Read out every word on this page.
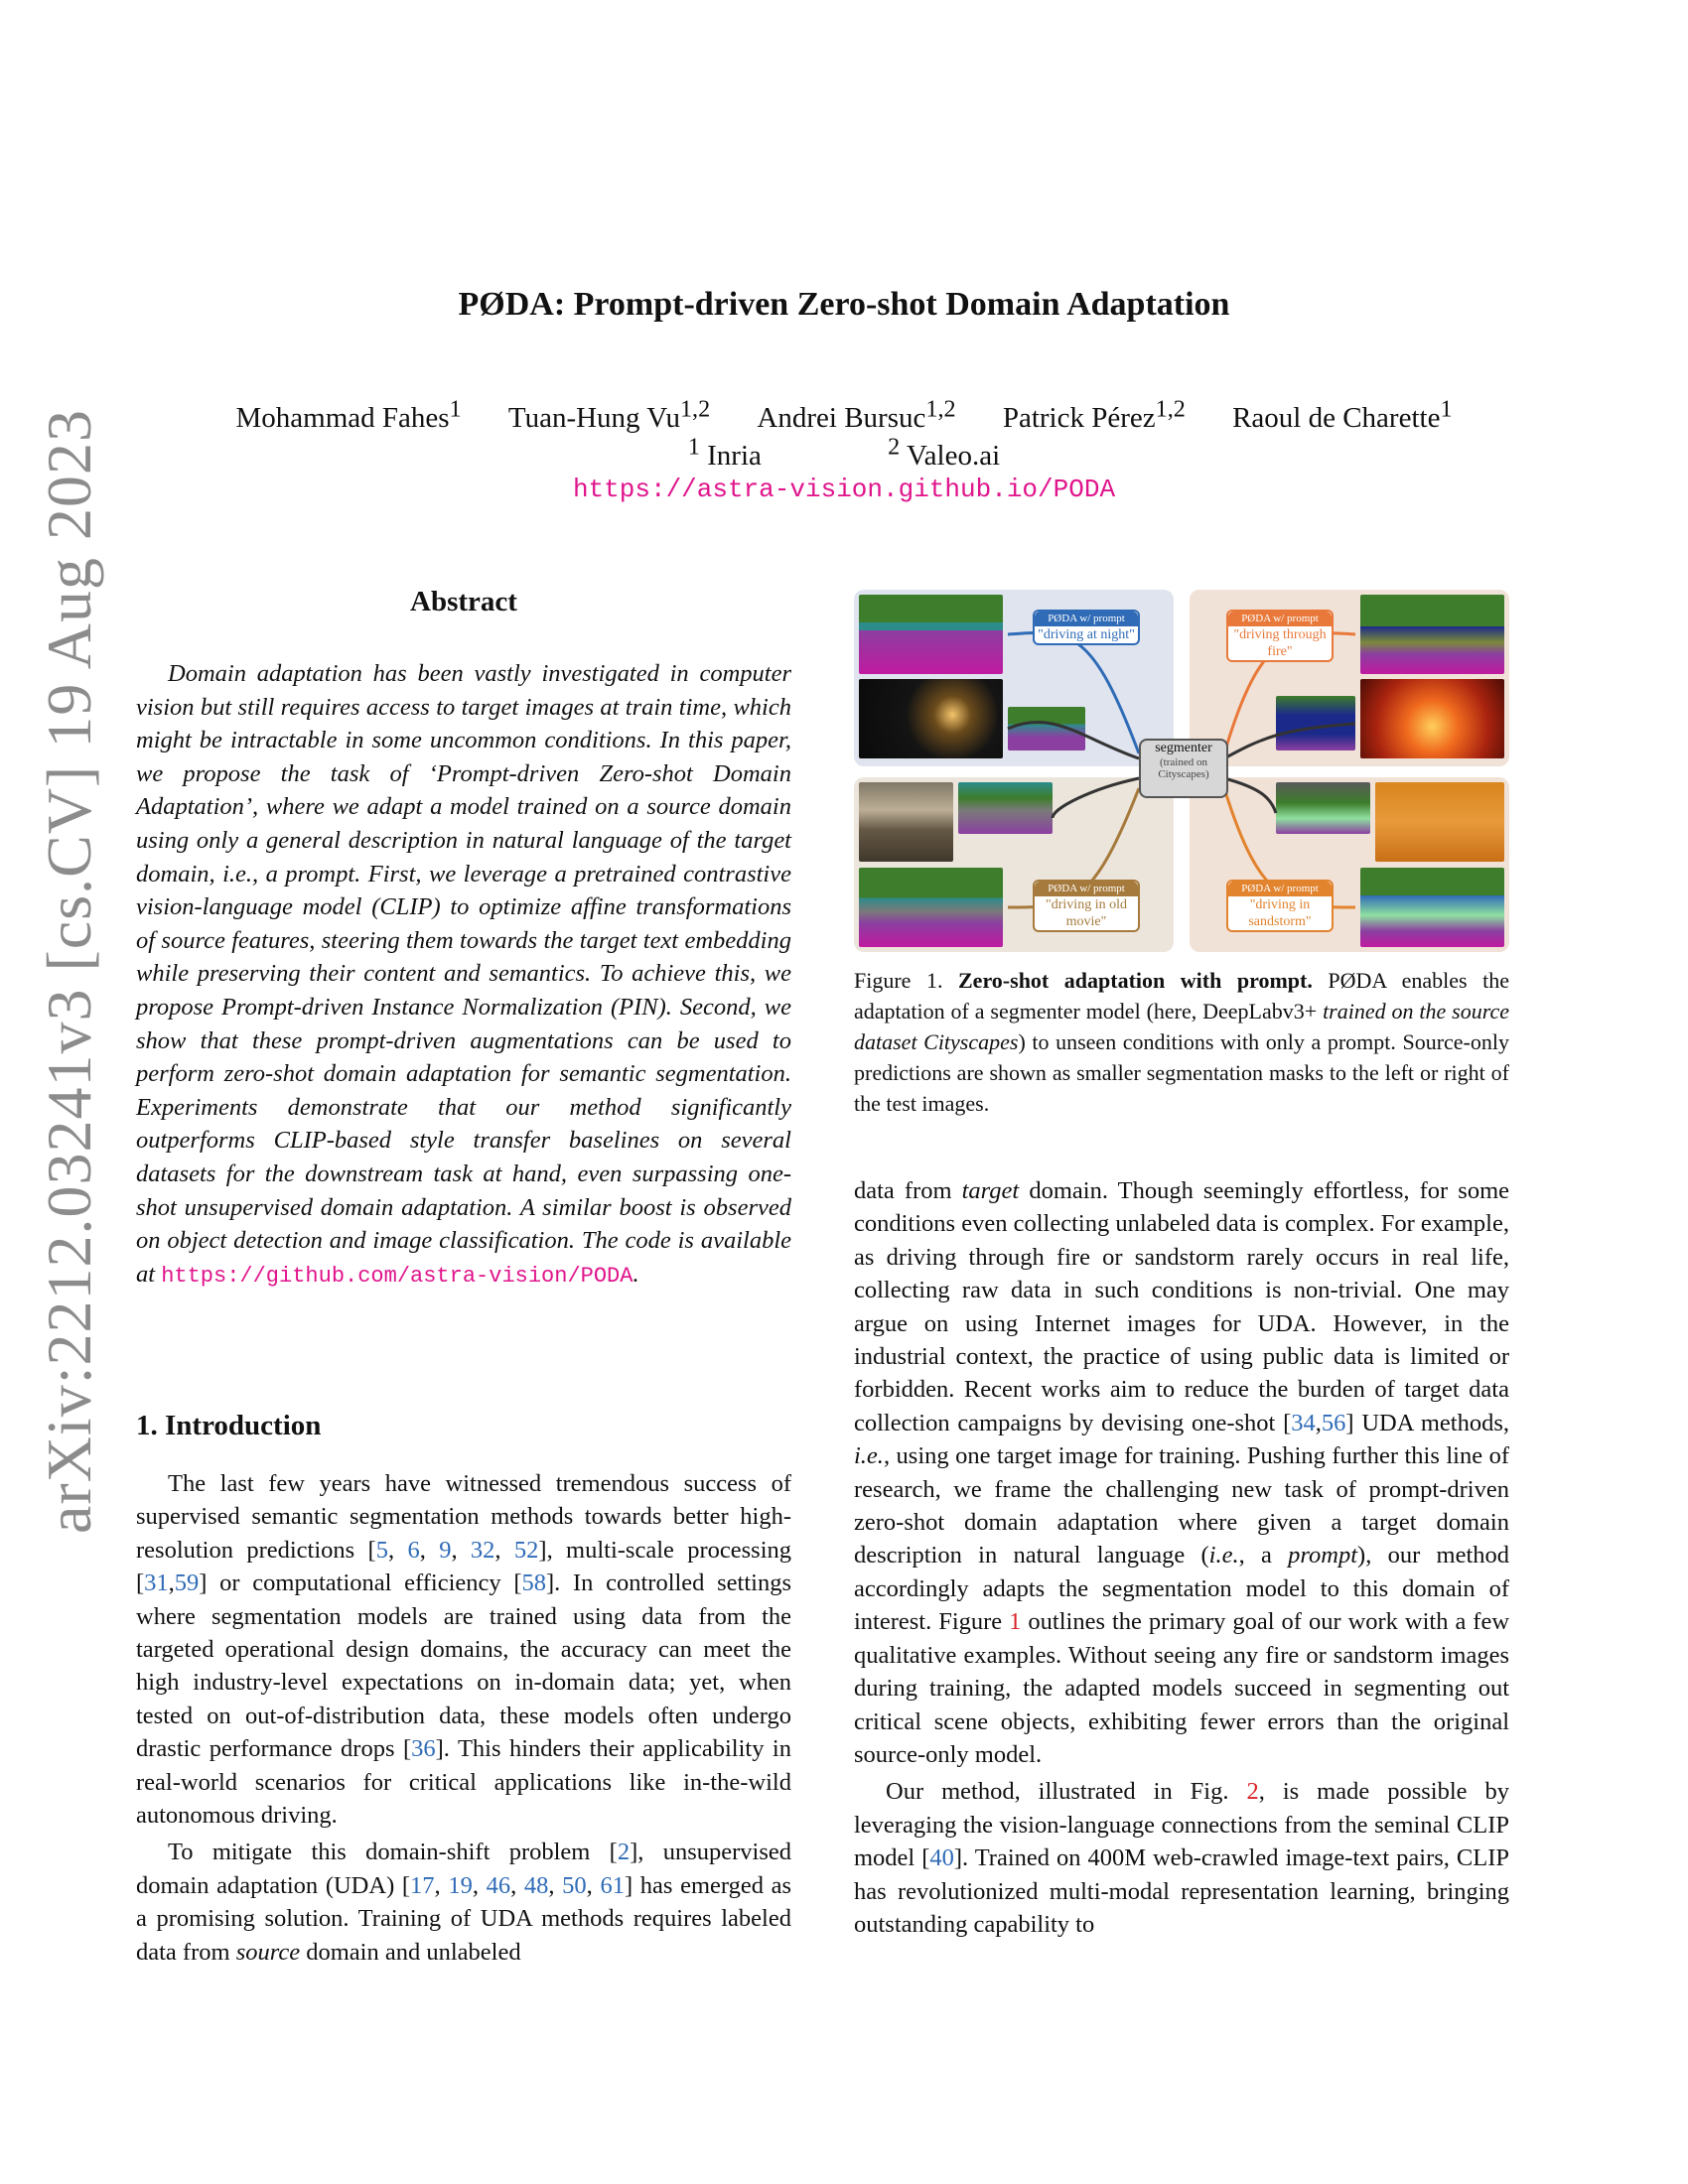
arXiv:2212.03241v3 [cs.CV] 19 Aug 2023
PØDA: Prompt-driven Zero-shot Domain Adaptation
Mohammad Fahes$^1$ Tuan-Hung Vu$^{1,2}$ Andrei Bursuc$^{1,2}$ Patrick Pérez$^{1,2}$ Raoul de Charette$^1$
$^1$ Inria	$^2$ Valeo.ai
https://astra-vision.github.io/PODA
Abstract
Domain adaptation has been vastly investigated in computer vision but still requires access to target images at train time, which might be intractable in some uncommon conditions. In this paper, we propose the task of ‘Prompt-driven Zero-shot Domain Adaptation’, where we adapt a model trained on a source domain using only a general description in natural language of the target domain, i.e., a prompt. First, we leverage a pretrained contrastive vision-language model (CLIP) to optimize affine transformations of source features, steering them towards the target text embedding while preserving their content and semantics. To achieve this, we propose Prompt-driven Instance Normalization (PIN). Second, we show that these prompt-driven augmentations can be used to perform zero-shot domain adaptation for semantic segmentation. Experiments demonstrate that our method significantly outperforms CLIP-based style transfer baselines on several datasets for the downstream task at hand, even surpassing one-shot unsupervised domain adaptation. A similar boost is observed on object detection and image classification. The code is available at https://github.com/astra-vision/PODA.
1. Introduction

The last few years have witnessed tremendous success of supervised semantic segmentation methods towards better high-resolution predictions [5, 6, 9, 32, 52], multi-scale processing [31,59] or computational efficiency [58]. In controlled settings where segmentation models are trained using data from the targeted operational design domains, the accuracy can meet the high industry-level expectations on in-domain data; yet, when tested on out-of-distribution data, these models often undergo drastic performance drops [36]. This hinders their applicability in real-world scenarios for critical applications like in-the-wild autonomous driving.

To mitigate this domain-shift problem [2], unsupervised domain adaptation (UDA) [17, 19, 46, 48, 50, 61] has emerged as a promising solution. Training of UDA methods requires labeled data from source domain and unlabeled

PØDA w/ prompt
"driving at night"
PØDA w/ prompt
"driving through fire"
PØDA w/ prompt
"driving in old movie"
PØDA w/ prompt
"driving in sandstorm"
segmenter
(trained on Cityscapes)
Figure 1. Zero-shot adaptation with prompt. PØDA enables the adaptation of a segmenter model (here, DeepLabv3+ trained on the source dataset Cityscapes) to unseen conditions with only a prompt. Source-only predictions are shown as smaller segmentation masks to the left or right of the test images.

data from target domain. Though seemingly effortless, for some conditions even collecting unlabeled data is complex. For example, as driving through fire or sandstorm rarely occurs in real life, collecting raw data in such conditions is non-trivial. One may argue on using Internet images for UDA. However, in the industrial context, the practice of using public data is limited or forbidden. Recent works aim to reduce the burden of target data collection campaigns by devising one-shot [34,56] UDA methods, i.e., using one target image for training. Pushing further this line of research, we frame the challenging new task of prompt-driven zero-shot domain adaptation where given a target domain description in natural language (i.e., a prompt), our method accordingly adapts the segmentation model to this domain of interest. Figure 1 outlines the primary goal of our work with a few qualitative examples. Without seeing any fire or sandstorm images during training, the adapted models succeed in segmenting out critical scene objects, exhibiting fewer errors than the original source-only model.

Our method, illustrated in Fig. 2, is made possible by leveraging the vision-language connections from the seminal CLIP model [40]. Trained on 400M web-crawled image-text pairs, CLIP has revolutionized multi-modal representation learning, bringing outstanding capability to
